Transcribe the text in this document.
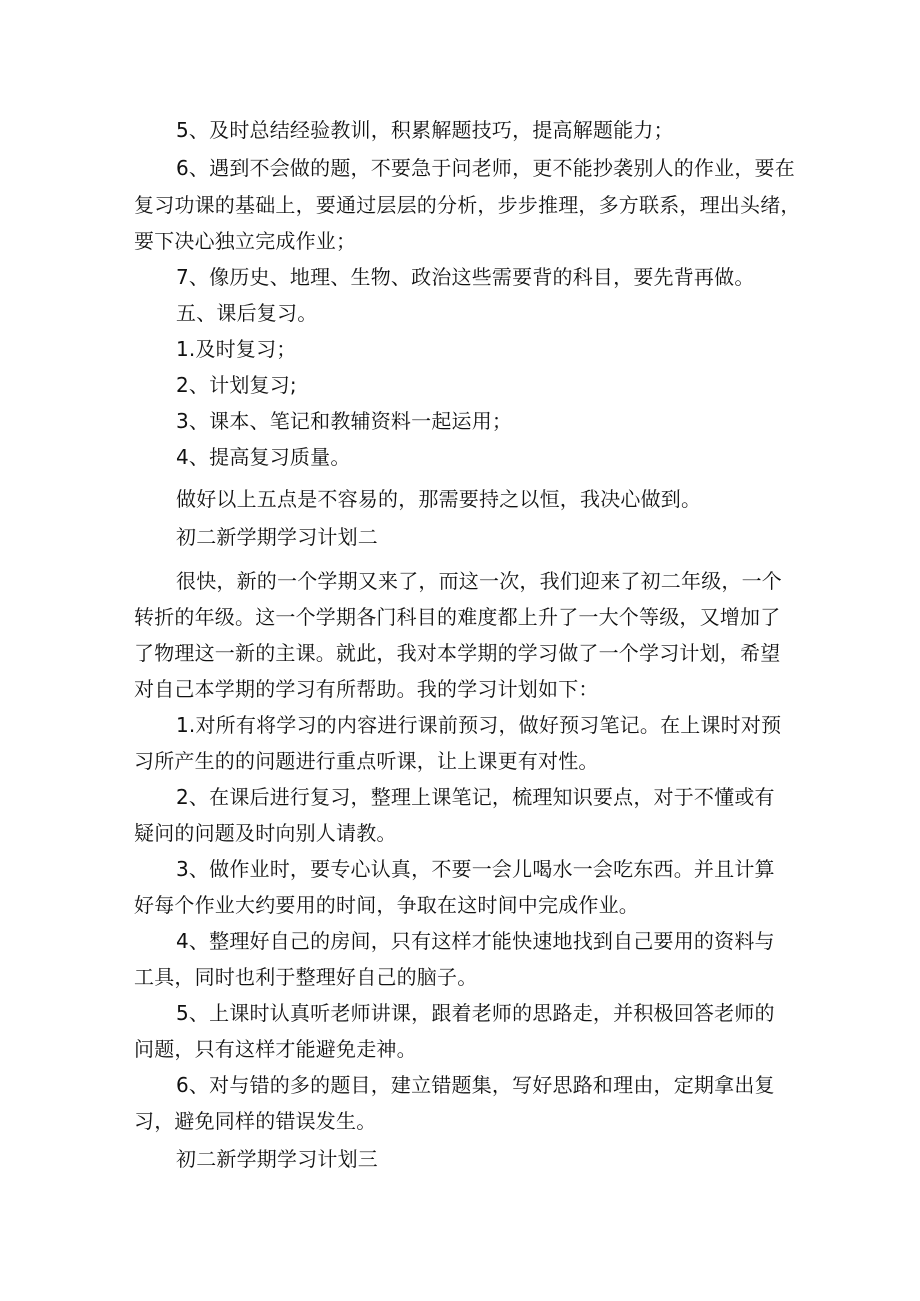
5、及时总结经验教训，积累解题技巧，提高解题能力；
6、遇到不会做的题，不要急于问老师，更不能抄袭别人的作业，要在
复习功课的基础上，要通过层层的分析，步步推理，多方联系，理出头绪，
要下决心独立完成作业；
7、像历史、地理、生物、政治这些需要背的科目，要先背再做。
五、课后复习。
1.及时复习；
2、计划复习;
3、课本、笔记和教辅资料一起运用；
4、提高复习质量。
做好以上五点是不容易的，那需要持之以恒，我决心做到。
初二新学期学习计划二
很快，新的一个学期又来了，而这一次，我们迎来了初二年级，一个
转折的年级。这一个学期各门科目的难度都上升了一大个等级，又增加了
了物理这一新的主课。就此，我对本学期的学习做了一个学习计划，希望
对自己本学期的学习有所帮助。我的学习计划如下：
1.对所有将学习的内容进行课前预习，做好预习笔记。在上课时对预
习所产生的的问题进行重点听课，让上课更有对性。
2、在课后进行复习，整理上课笔记，梳理知识要点，对于不懂或有
疑问的问题及时向别人请教。
3、做作业时，要专心认真，不要一会儿喝水一会吃东西。并且计算
好每个作业大约要用的时间，争取在这时间中完成作业。
4、整理好自己的房间，只有这样才能快速地找到自己要用的资料与
工具，同时也利于整理好自己的脑子。
5、上课时认真听老师讲课，跟着老师的思路走，并积极回答老师的
问题，只有这样才能避免走神。
6、对与错的多的题目，建立错题集，写好思路和理由，定期拿出复
习，避免同样的错误发生。
初二新学期学习计划三
